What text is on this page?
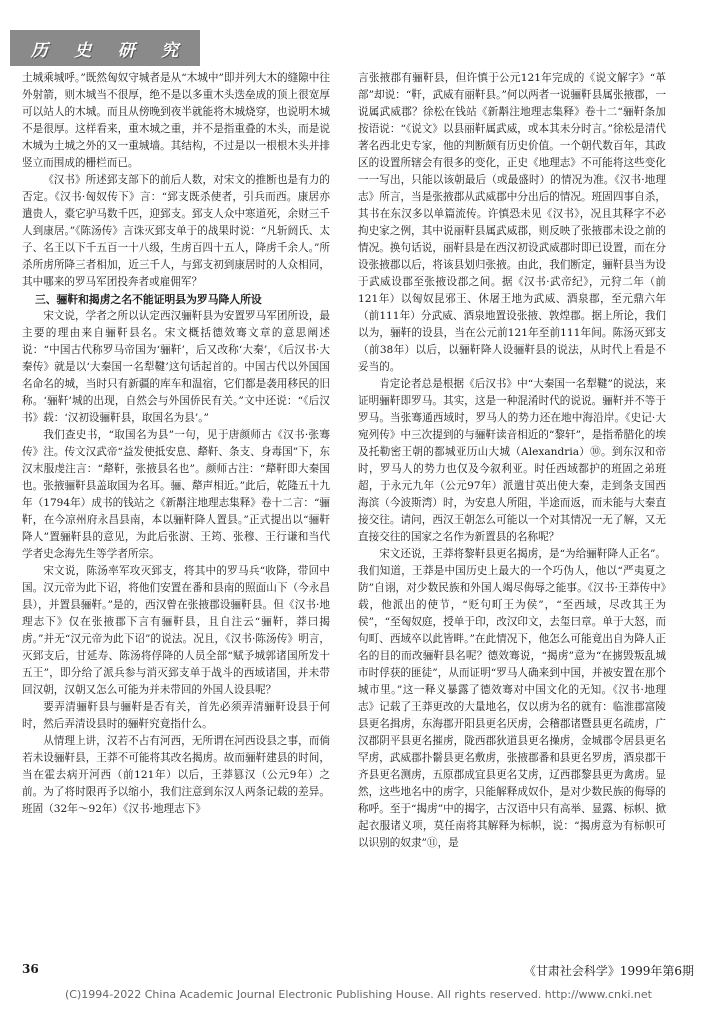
历 史 研 究

土城乘城呼。”既然匈奴守城者是从“木城中”即并列大木的缝隙中往外射箭，则木城当不很厚，绝不是以多重木头迭垒成的顶上很宽厚可以站人的木城。而且从傍晚到夜半就能将木城烧穿，也说明木城不是很厚。这样看来，重木城之重，并不是指重叠的木头，而是说木城为土城之外的又一重城墙。其结构，不过是以一根根木头并排竖立而围成的栅栏而已。

《汉书》所述郅支部下的前后人数，对宋文的推断也是有力的否定。《汉书·匈奴传下》言：“郅支既杀使者，引兵而西。康居亦遣贵人，橐它驴马数千匹，迎郅支。郅支人众中寒道死，余财三千人到康居。”《陈汤传》言诛灭郅支单于的战果时说：“凡斩阏氏、太子、名王以下千五百一十八级，生虏百四十五人，降虏千余人。”所杀所虏所降三者相加，近三千人，与郅支初到康居时的人众相同，其中哪来的罗马军团投奔者或雇佣军？

三、骊靬和揭虏之名不能证明县为罗马降人所设

宋文说，学者之所以认定西汉骊靬县为安置罗马军团所设，最主要的理由来自骊靬县名。宋文概括德效骞文章的意思阐述说：“中国古代称罗马帝国为‘骊靬’，后又改称‘大秦’，《后汉书·大秦传》就是以‘大秦国一名犁鞬’这句话起首的。中国古代以外国国名命名的城，当时只有新疆的库车和温宿，它们都是袭用移民的旧称。‘骊靬’城的出现，自然会与外国侨民有关。”文中还说：“《后汉书》载：‘汉初设骊靬县，取国名为县’。”

我们查史书，“取国名为县”一句，见于唐颜师古《汉书·张骞传》注。传文汉武帝“益发使抵安息、犛靬、条支、身毒国”下，东汉末服虔注言：“犛靬，张掖县名也”。颜师古注：“犛靬即大秦国也。张掖骊靬县盖取国为名耳。骊、犛声相近。”此后，乾隆五十九年（1794年）成书的钱站之《新斠注地理志集释》卷十二言：“骊靬，在今凉州府永昌县南，本以骊靬降人置县。”正式提出以“骊靬降人”置骊靬县的意见，为此后张澍、王筠、张穆、王行谦和当代学者史念海先生等学者所宗。

宋文说，陈汤率军攻灭郅支，将其中的罗马兵“收降，带回中国。汉元帝为此下诏，将他们安置在番和县南的照面山下（今永昌县），并置县骊靬。”是的，西汉曾在张掖郡设骊靬县。但《汉书·地理志下》仅在张掖郡下言有骊靬县，且自注云“骊靬，莽曰揭虏。”并无“汉元帝为此下诏”的说法。况且，《汉书·陈汤传》明言，灭郅支后，甘延寿、陈汤将俘降的人员全部“赋予城郭诸国所发十五王”，即分给了派兵参与消灭郅支单于战斗的西域诸国，并未带回汉朝，汉朝又怎么可能为并未带回的外国人设县呢？

要弄清骊靬县与骊靬是否有关，首先必须弄清骊靬设县于何时，然后弄清设县时的骊靬究竟指什么。

从情理上讲，汉若不占有河西，无所谓在河西设县之事，而倘若未设骊靬县，王莽不可能将其改名揭虏。故而骊靬建县的时间，当在霍去病开河西（前121年）以后，王莽篡汉（公元9年）之前。为了将时限再予以缩小，我们注意到东汉人两条记载的差异。班固（32年～92年）《汉书·地理志下》

言张掖郡有骊靬县，但许慎于公元121年完成的《说文解字》“革部”却说：“靬，武威有丽靬县。”何以两者一说骊靬县属张掖郡，一说属武威郡？徐松在钱站《新斠注地理志集释》卷十二“骊靬条加按语说：“《说文》以县丽靬属武威，或本其未分时言。”徐松是清代著名西北史专家，他的判断颇有历史价值。一个朝代数百年，其政区的设置所辖会有很多的变化，正史《地理志》不可能将这些变化一一写出，只能以该朝最后（或最盛时）的情况为准。《汉书·地理志》所言，当是张掖郡从武威郡中分出后的情况。班固四事自杀，其书在东汉多以单篇流传。许慎恐未见《汉书》，况且其释字不必拘史家之例，其中说丽靬县属武威郡，则反映了张掖郡未设之前的情况。换句话说，丽靬县是在西汉初设武威郡时即已设置，而在分设张掖郡以后，将该县划归张掖。由此，我们断定，骊靬县当为设于武威设郡至张掖设郡之间。据《汉书·武帝纪》，元狩二年（前121年）以匈奴昆邪王、休屠王地为武威、酒泉郡，至元鼎六年（前111年）分武威、酒泉地置设张掖、敦煌郡。据上所论，我们以为，骊靬的设县，当在公元前121年至前111年间。陈汤灭郅支（前38年）以后，以骊靬降人设骊靬县的说法，从时代上看是不妥当的。

肯定论者总是根据《后汉书》中“大秦国一名犁鞬”的说法，来证明骊靬即罗马。其实，这是一种混淆时代的说说。骊靬并不等于罗马。当张骞通西域时，罗马人的势力还在地中海沿岸。《史记·大宛列传》中三次提到的与骊靬读音相近的“黎轩”，是指希腊化的埃及托勒密王朝的都城亚历山大城（Alexandria）⑩。到东汉和帝时，罗马人的势力也仅及今叙利亚。时任西域都护的班固之弟班超，于永元九年（公元97年）派遣甘英出使大秦，走到条支国西海滨（今波斯湾）时，为安息人所阻，半途而返，而未能与大秦直接交往。请问，西汉王朝怎么可能以一个对其情况一无了解，又无直接交往的国家之名作为新置县的名称呢？

宋文还说，王莽将黎靬县更名揭虏，是“为给骊靬降人正名”。我们知道，王莽是中国历史上最大的一个巧伪人，他以“严夷夏之防”自诩，对少数民族和外国人竭尽侮辱之能事。《汉书·王莽传中》载，他派出的使节，“贬句町王为侯”，“至西域，尽改其王为侯”，“至匈奴庭，授单于印，改汉印文，去玺曰章。单于大怒，而句町、西域卒以此皆畔。”在此情况下，他怎么可能竟出自为降人正名的目的而改骊靬县名呢？德效骞说，“揭虏”意为“在掳毁叛乱城市时俘获的匪徒”，从而证明“罗马人确来到中国，并被安置在那个城市里。”这一释义暴露了德效骞对中国文化的无知。《汉书·地理志》记载了王莽更改的大量地名，仅以虏为名的就有：临淮郡富陵县更名揖虏，东海郡开阳县更名厌虏，会稽郡诸暨县更名疏虏，广汉郡阴平县更名摧虏，陇西郡狄道县更名操虏，金城郡令居县更名罕虏，武威郡扑鬋县更名敷虏，张掖郡番和县更名罗虏，酒泉郡干齐县更名测虏，五原郡成宜县更名艾虏，辽西郡黎县更为禽虏。显然，这些地名中的虏字，只能解释成奴仆，是对少数民族的侮辱的称呼。至于“揭虏”中的揭字，古汉语中只有高举、显露、标帜、掀起衣服诸义项，莫任南将其解释为标帜，说：“揭虏意为有标帜可以识别的奴隶”⑪，是

36	《甘肃社会科学》1999年第6期
(C)1994-2022 China Academic Journal Electronic Publishing House. All rights reserved. http://www.cnki.net
